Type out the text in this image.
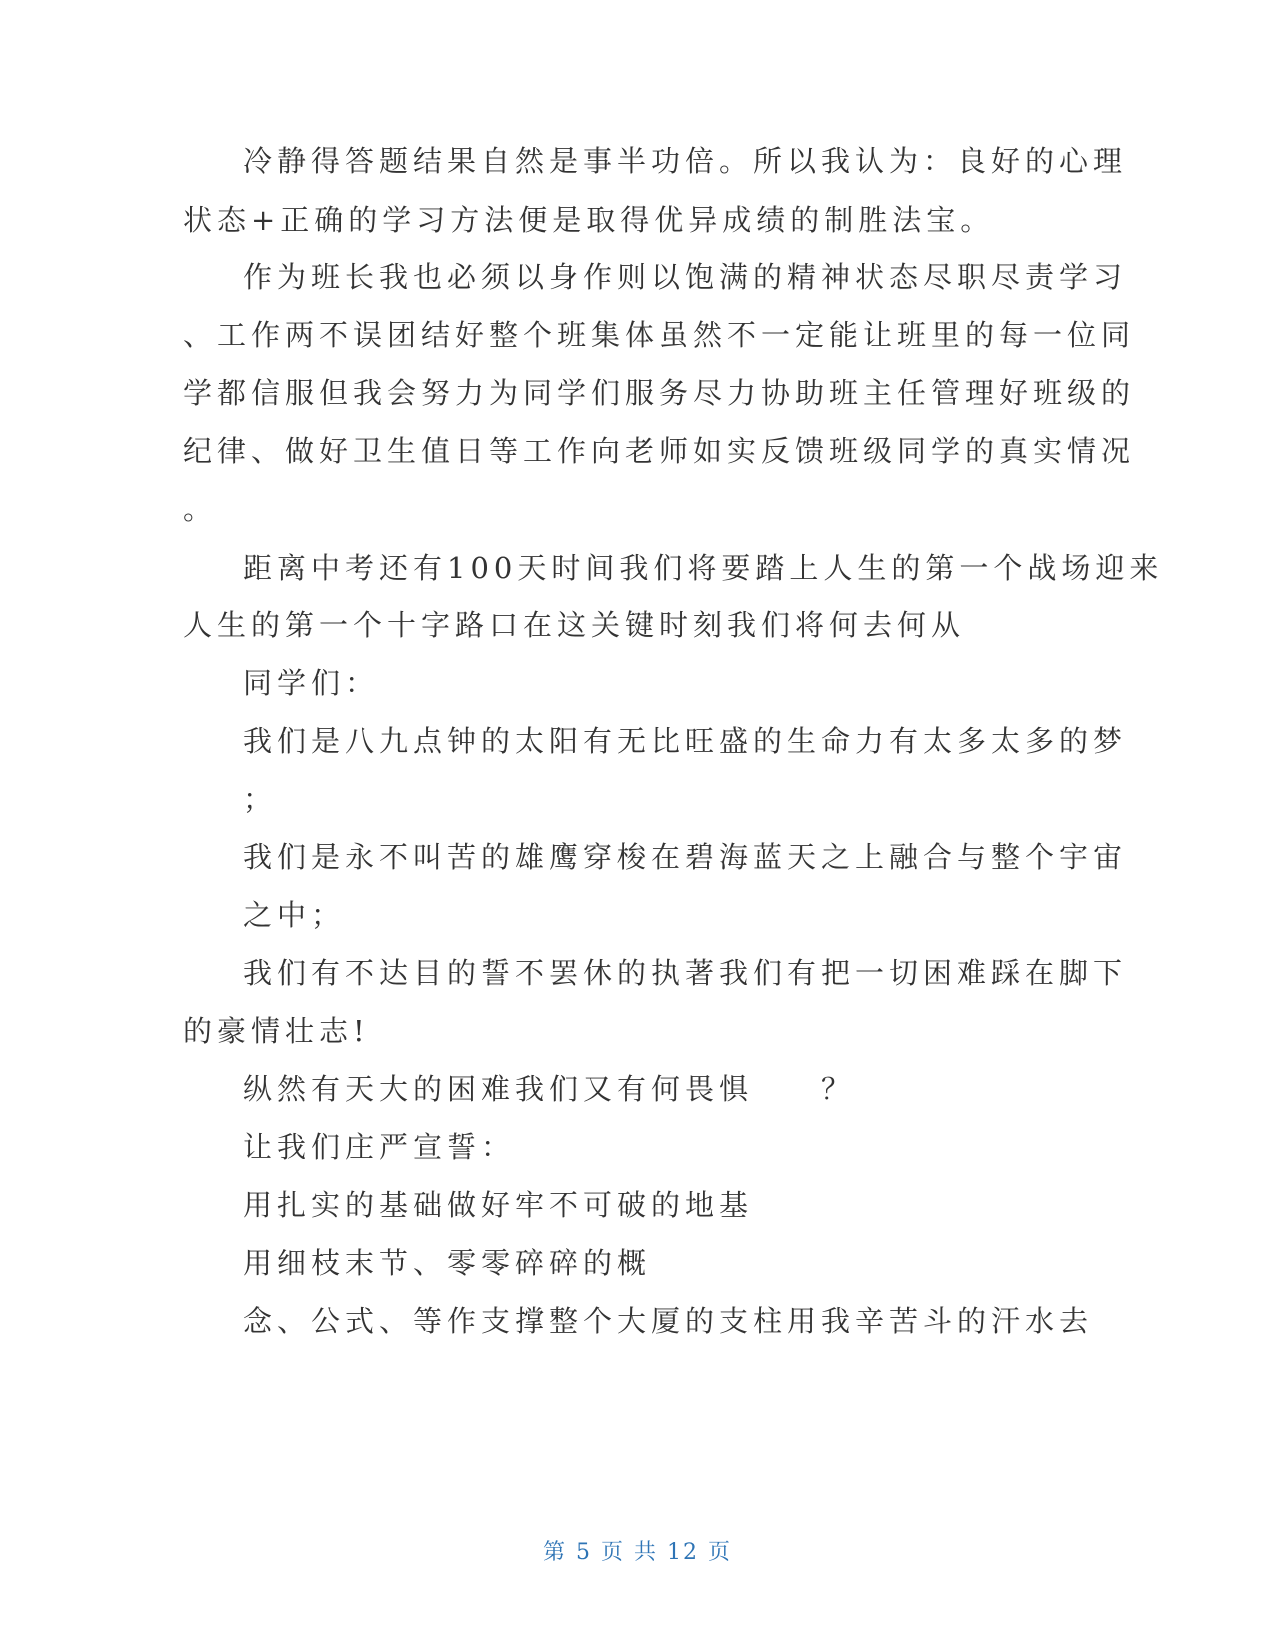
冷静得答题结果自然是事半功倍。所以我认为：良好的心理
状态+正确的学习方法便是取得优异成绩的制胜法宝。
作为班长我也必须以身作则以饱满的精神状态尽职尽责学习
、工作两不误团结好整个班集体虽然不一定能让班里的每一位同
学都信服但我会努力为同学们服务尽力协助班主任管理好班级的
纪律、做好卫生值日等工作向老师如实反馈班级同学的真实情况
。
距离中考还有100天时间我们将要踏上人生的第一个战场迎来
人生的第一个十字路口在这关键时刻我们将何去何从
同学们：
我们是八九点钟的太阳有无比旺盛的生命力有太多太多的梦
；
我们是永不叫苦的雄鹰穿梭在碧海蓝天之上融合与整个宇宙
之中；
我们有不达目的誓不罢休的执著我们有把一切困难踩在脚下
的豪情壮志!
纵然有天大的困难我们又有何畏惧　　？
让我们庄严宣誓：
用扎实的基础做好牢不可破的地基
用细枝末节、零零碎碎的概
念、公式、等作支撑整个大厦的支柱用我辛苦斗的汗水去
第 5 页 共 12 页
